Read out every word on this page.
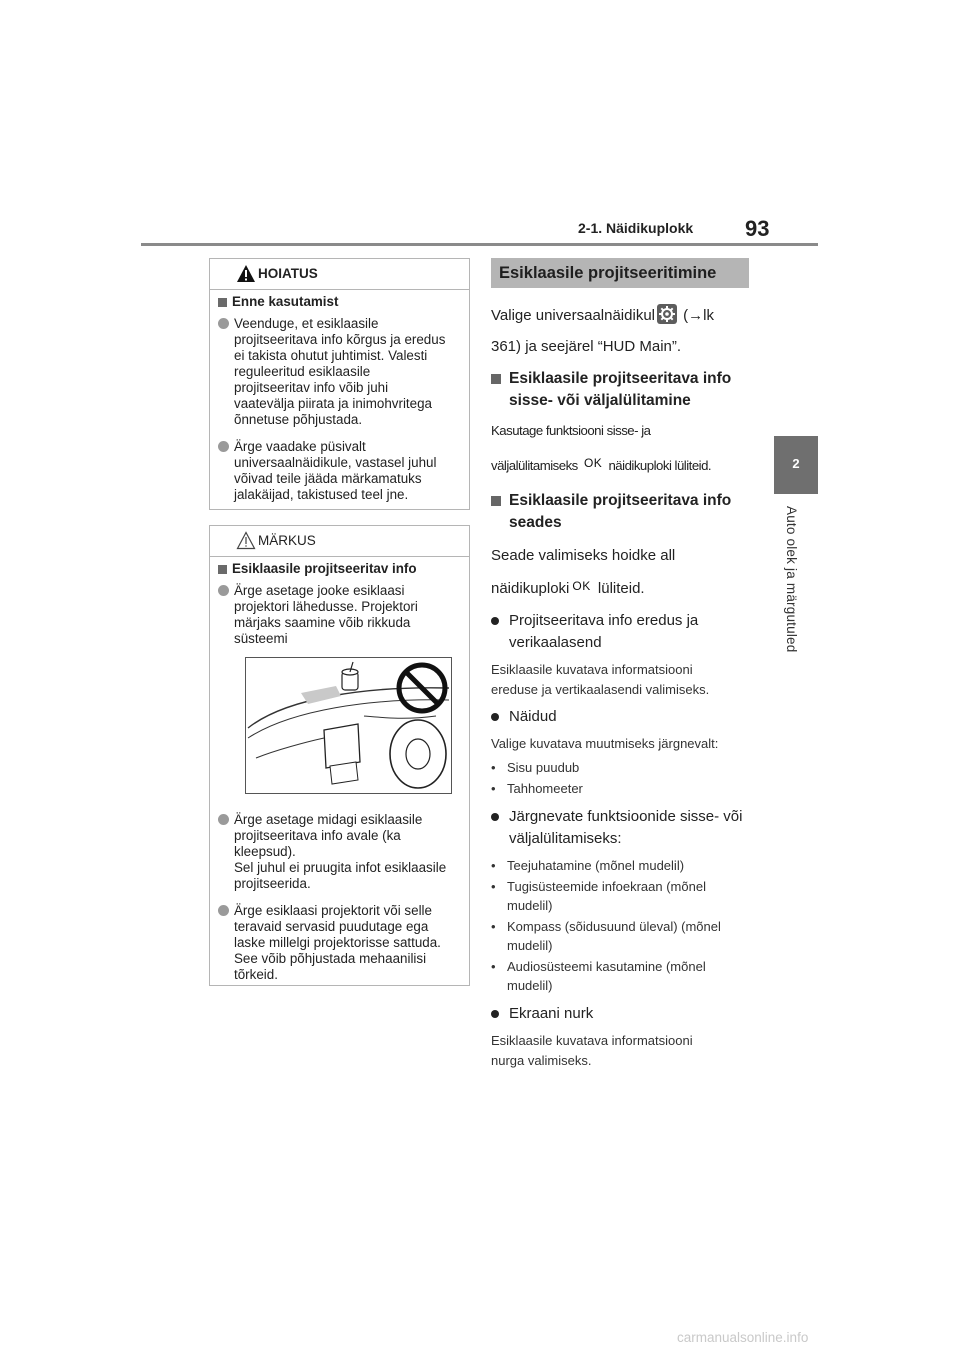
2-1. Näidikuplokk 93
2
Auto olek ja märgutuled
HOIATUS
Enne kasutamist
Veenduge, et esiklaasile
projitseeritava info kõrgus ja eredus
ei takista ohutut juhtimist. Valesti
reguleeritud esiklaasile
projitseeritav info võib juhi
vaatevälja piirata ja inimohvritega
õnnetuse põhjustada.
Ärge vaadake püsivalt
universaalnäidikule, vastasel juhul
võivad teile jääda märkamatuks
jalakäijad, takistused teel jne.
MÄRKUS
Esiklaasile projitseeritav info
Ärge asetage jooke esiklaasi
projektori lähedusse. Projektori
märjaks saamine võib rikkuda
süsteemi
Ärge asetage midagi esiklaasile
projitseeritava info avale (ka
kleepsud).
Sel juhul ei pruugita infot esiklaasile
projitseerida.
Ärge esiklaasi projektorit või selle
teravaid servasid puudutage ega
laske millelgi projektorisse sattuda.
See võib põhjustada mehaanilisi
tõrkeid.
Esiklaasile projitseeritimine
Valige universaalnäidikul (→lk
361) ja seejärel “HUD Main”.
Esiklaasile projitseeritava info sisse- või väljalülitamine
Kasutage funktsiooni sisse- ja
väljalülitamiseks OK näidikuploki lüliteid.
Esiklaasile projitseeritava info seades
Seade valimiseks hoidke all
näidikuploki OK lüliteid.
Projitseeritava info eredus ja verikaalasend
Esiklaasile kuvatava informatsiooni ereduse ja vertikaalasendi valimiseks.
Näidud
Valige kuvatava muutmiseks järgnevalt:
• Sisu puudub
• Tahhomeeter
Järgnevate funktsioonide sisse- või väljalülitamiseks:
• Teejuhatamine (mõnel mudelil)
• Tugisüsteemide infoekraan (mõnel mudelil)
• Kompass (sõidusuund üleval) (mõnel mudelil)
• Audiosüsteemi kasutamine (mõnel mudelil)
Ekraani nurk
Esiklaasile kuvatava informatsiooni nurga valimiseks.
carmanualsonline.info
